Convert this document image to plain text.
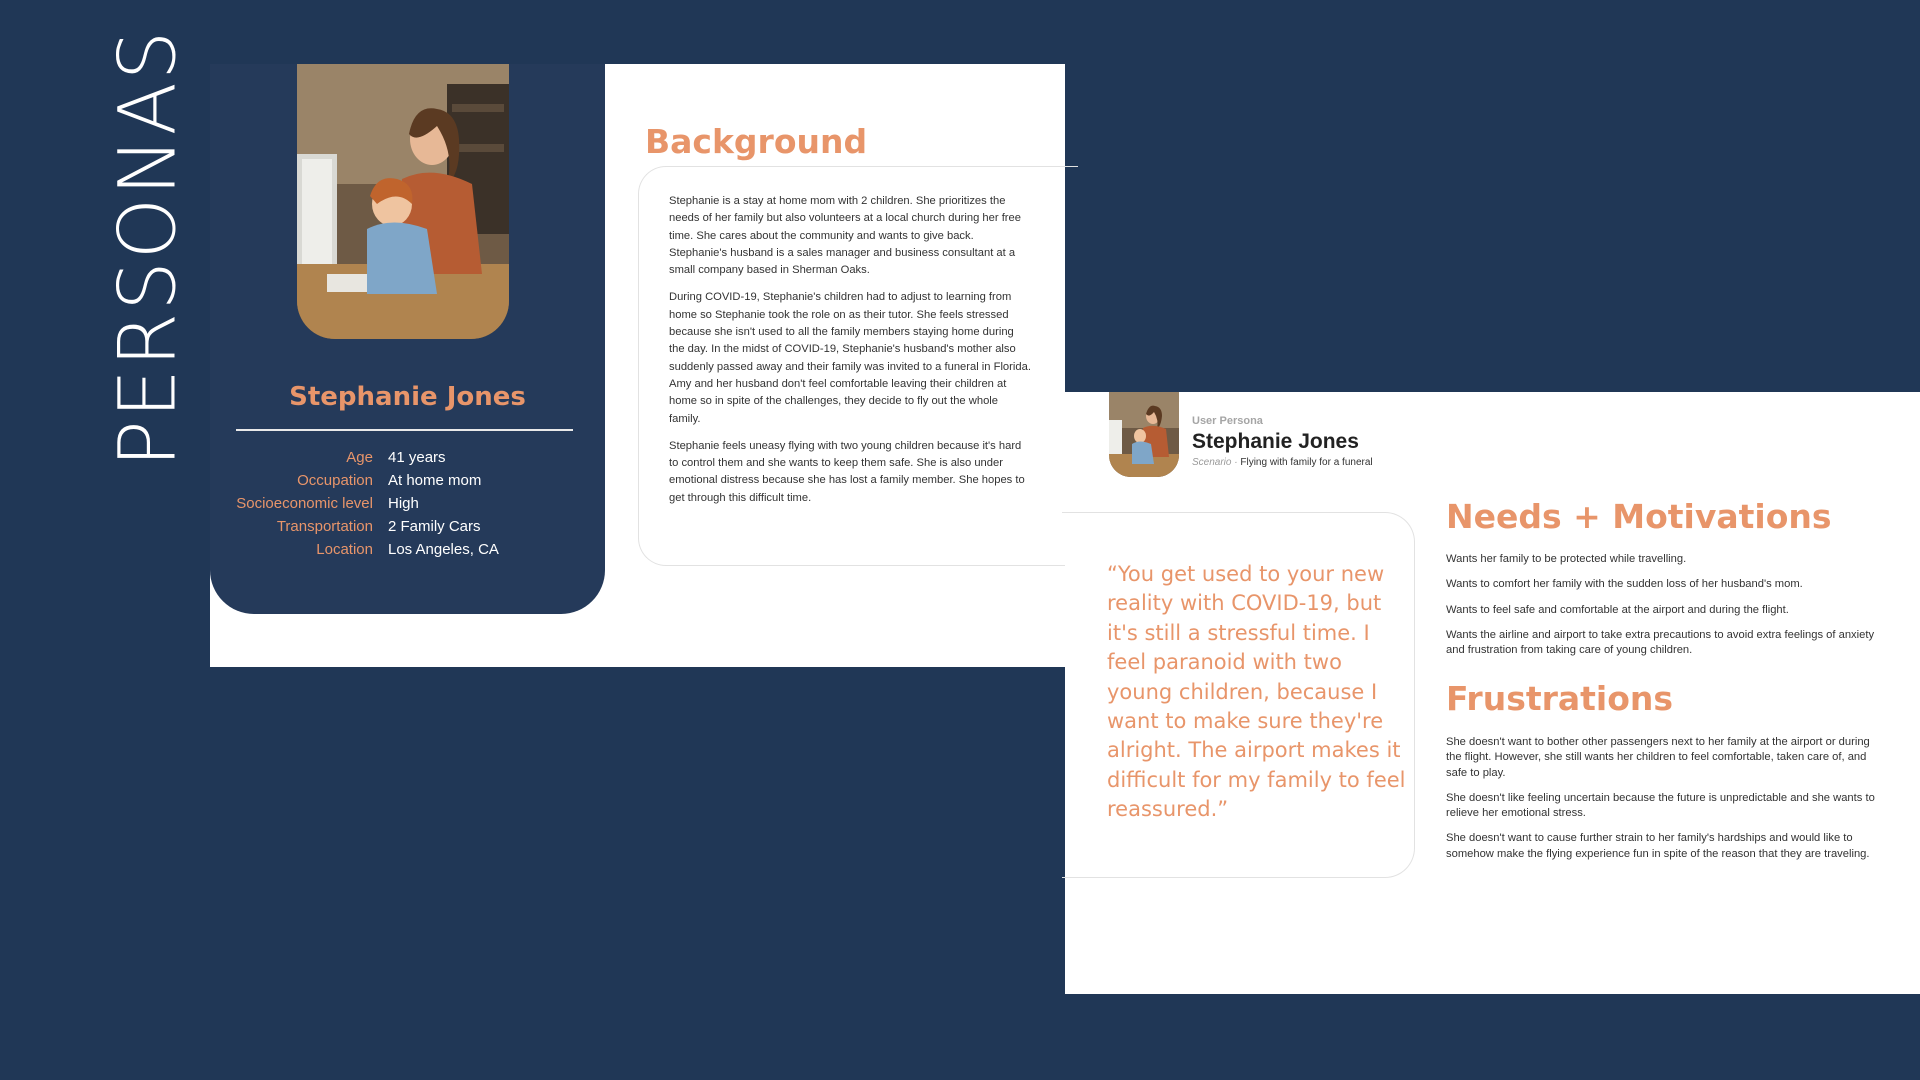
PERSONAS	Stephanie Jones
Age	41 years
Occupation	At home mom
Socioeconomic level	High
Transportation	2 Family Cars
Location	Los Angeles, CA
Background

Stephanie is a stay at home mom with 2 children. She prioritizes the needs of her family but also volunteers at a local church during her free time. She cares about the community and wants to give back. Stephanie's husband is a sales manager and business consultant at a small company based in Sherman Oaks.

During COVID-19, Stephanie's children had to adjust to learning from home so Stephanie took the role on as their tutor. She feels stressed because she isn't used to all the family members staying home during the day. In the midst of COVID-19, Stephanie's husband's mother also suddenly passed away and their family was invited to a funeral in Florida. Amy and her husband don't feel comfortable leaving their children at home so in spite of the challenges, they decide to fly out the whole family.

Stephanie feels uneasy flying with two young children because it's hard to control them and she wants to keep them safe. She is also under emotional distress because she has lost a family member. She hopes to get through this difficult time.

User Persona
Stephanie Jones
Scenario · Flying with family for a funeral
“You get used to your new reality with COVID-19, but it's still a stressful time. I feel paranoid with two young children, because I want to make sure they're alright. The airport makes it difficult for my family to feel reassured.”
Needs + Motivations

Wants her family to be protected while travelling.

Wants to comfort her family with the sudden loss of her husband's mom.

Wants to feel safe and comfortable at the airport and during the flight.

Wants the airline and airport to take extra precautions to avoid extra feelings of anxiety and frustration from taking care of young children.

Frustrations

She doesn't want to bother other passengers next to her family at the airport or during the flight. However, she still wants her children to feel comfortable, taken care of, and safe to play.

She doesn't like feeling uncertain because the future is unpredictable and she wants to relieve her emotional stress.

She doesn't want to cause further strain to her family's hardships and would like to somehow make the flying experience fun in spite of the reason that they are traveling.
